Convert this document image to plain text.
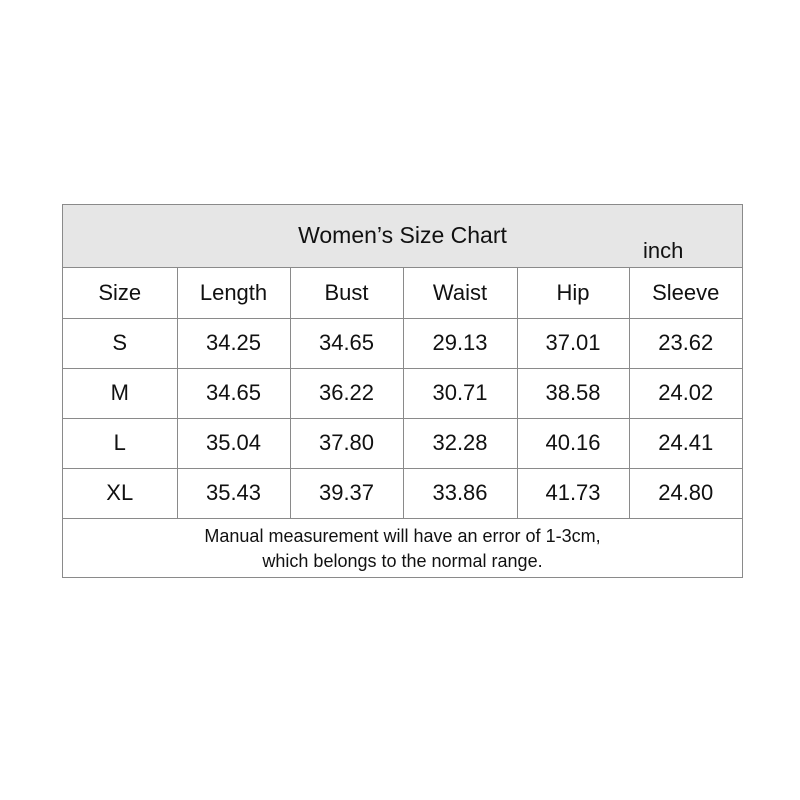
Women’s Size Chart
inch
Size	Length	Bust	Waist	Hip	Sleeve
S	34.25	34.65	29.13	37.01	23.62
M	34.65	36.22	30.71	38.58	24.02
L	35.04	37.80	32.28	40.16	24.41
XL	35.43	39.37	33.86	41.73	24.80
Manual measurement will have an error of 1-3cm,
which belongs to the normal range.
